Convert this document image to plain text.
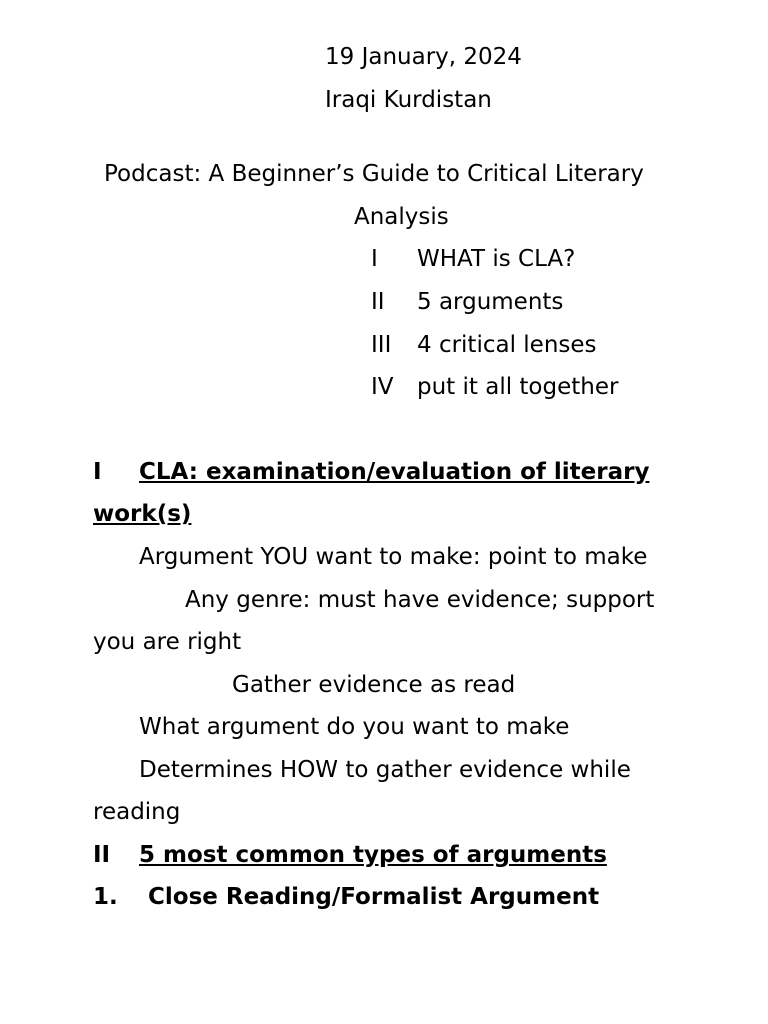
19 January, 2024
Iraqi Kurdistan
Podcast: A Beginner’s Guide to Critical Literary
Analysis
I WHAT is CLA?
II 5 arguments
III 4 critical lenses
IV put it all together
I CLA: examination/evaluation of literary
work(s)
Argument YOU want to make: point to make
Any genre: must have evidence; support
you are right
Gather evidence as read
What argument do you want to make
Determines HOW to gather evidence while
reading
II 5 most common types of arguments
1. Close Reading/Formalist Argument
